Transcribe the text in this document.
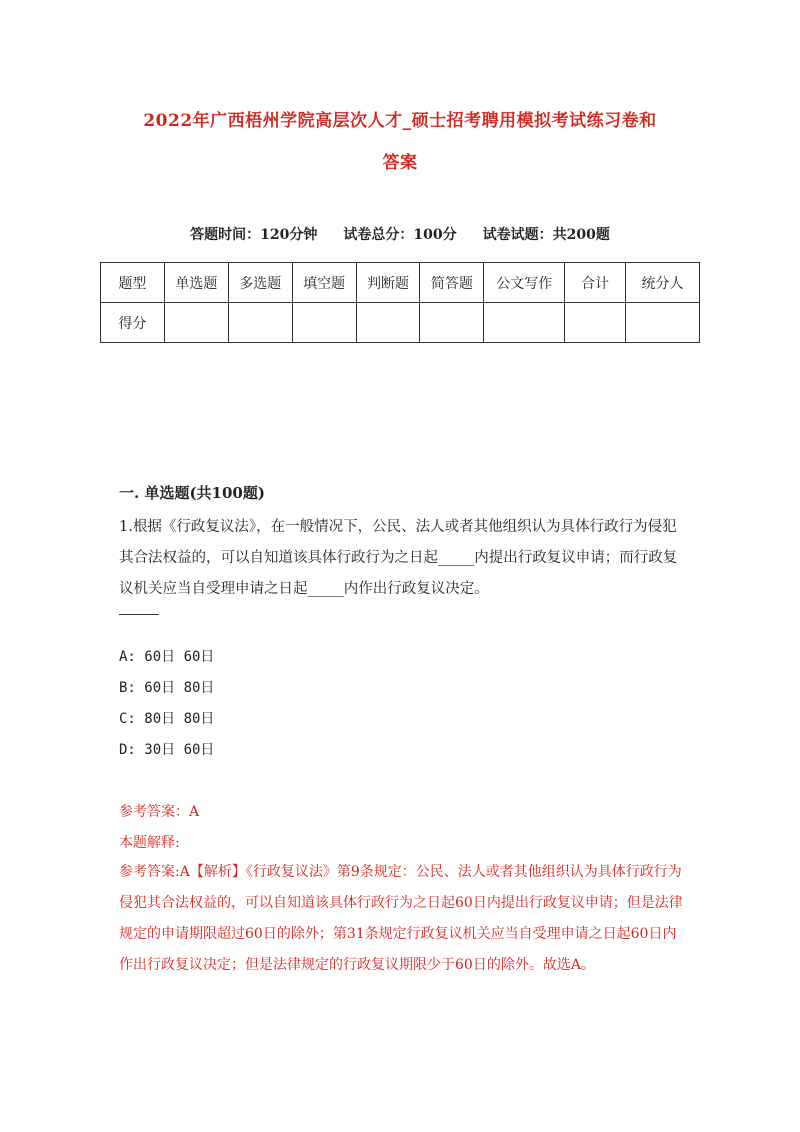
2022年广西梧州学院高层次人才_硕士招考聘用模拟考试练习卷和
答案
答题时间：120分钟 试卷总分：100分 试卷试题：共200题
题型	单选题	多选题	填空题	判断题	简答题	公文写作	合计	统分人
得分								
一. 单选题(共100题)
1.根据《行政复议法》，在一般情况下，公民、法人或者其他组织认为具体行政行为侵犯其合法权益的，可以自知道该具体行政行为之日起_____内提出行政复议申请；而行政复议机关应当自受理申请之日起_____内作出行政复议决定。
A: 60日 60日
B: 60日 80日
C: 80日 80日
D: 30日 60日
参考答案：A
本题解释:
参考答案:A【解析】《行政复议法》第9条规定：公民、法人或者其他组织认为具体行政行为侵犯其合法权益的，可以自知道该具体行政行为之日起60日内提出行政复议申请；但是法律规定的申请期限超过60日的除外；第31条规定行政复议机关应当自受理申请之日起60日内作出行政复议决定；但是法律规定的行政复议期限少于60日的除外。故选A。
